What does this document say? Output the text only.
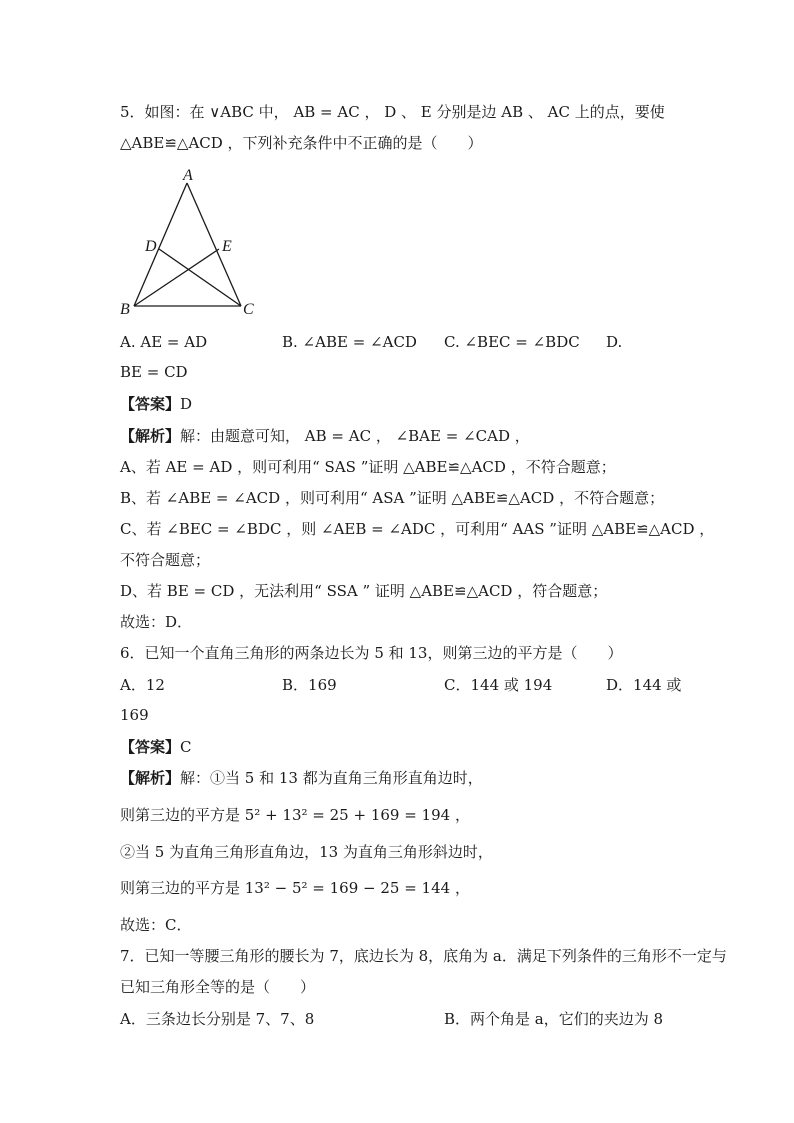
5．如图：在 ∨ABC 中， AB = AC ， D 、 E 分别是边 AB 、 AC 上的点，要使
△ABE≌△ACD ，下列补充条件中不正确的是（　　）
A
D	E
B	C
A. AE = AD	B. ∠ABE = ∠ACD C. ∠BEC = ∠BDC D.
BE = CD
【答案】D
【解析】解：由题意可知， AB = AC ， ∠BAE = ∠CAD ，
A、若 AE = AD ，则可利用“ SAS ”证明 △ABE≌△ACD ，不符合题意；
B、若 ∠ABE = ∠ACD ，则可利用“ ASA ”证明 △ABE≌△ACD ，不符合题意；
C、若 ∠BEC = ∠BDC ，则 ∠AEB = ∠ADC ，可利用“ AAS ”证明 △ABE≌△ACD ，
不符合题意；
D、若 BE = CD ，无法利用“ SSA ” 证明 △ABE≌△ACD ，符合题意；
故选：D．
6．已知一个直角三角形的两条边长为 5 和 13，则第三边的平方是（　　）
A．12	B．169	C．144 或 194	D．144 或
169
【答案】C
【解析】解：①当 5 和 13 都为直角三角形直角边时，
则第三边的平方是 5² + 13² = 25 + 169 = 194 ，
②当 5 为直角三角形直角边，13 为直角三角形斜边时，
则第三边的平方是 13² − 5² = 169 − 25 = 144 ，
故选：C．
7．已知一等腰三角形的腰长为 7，底边长为 8，底角为 a．满足下列条件的三角形不一定与
已知三角形全等的是（　　）
A．三条边长分别是 7、7、8	B．两个角是 a，它们的夹边为 8
